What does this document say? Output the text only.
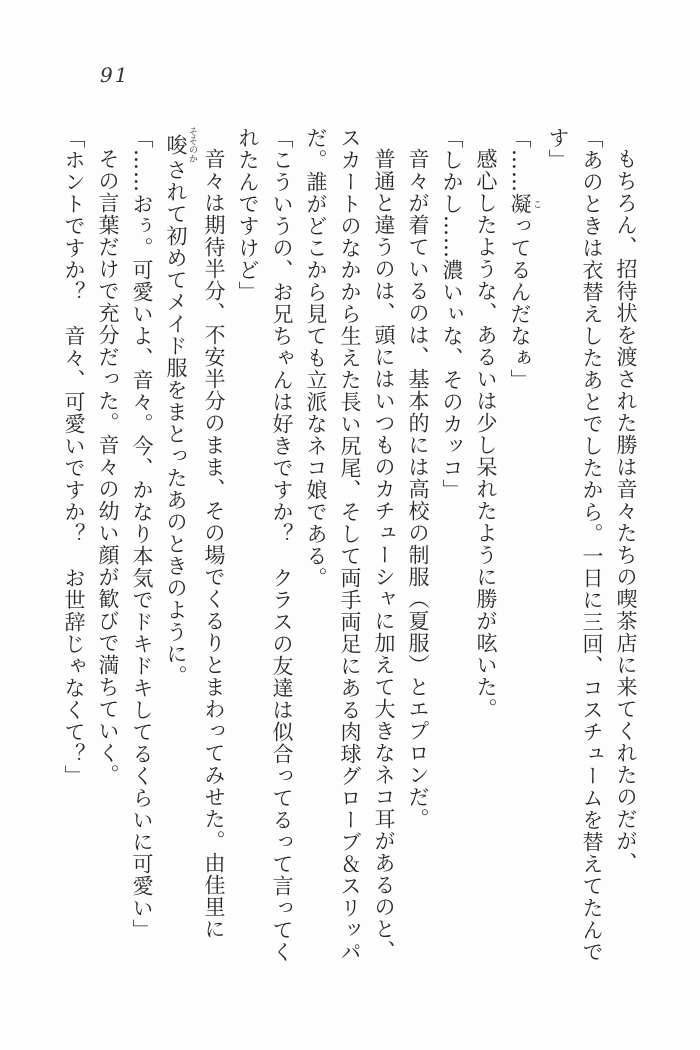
91

もちろん、招待状を渡された勝は音々たちの喫茶店に来てくれたのだが、

「あのときは衣替えしたあとでしたから。一日に三回、コスチュームを替えてたんで

す」

「……凝 こってるんだなぁ」

感心したような、あるいは少し呆れたように勝が呟いた。

「しかし……濃いぃな、そのカッコ」

音々が着ているのは、基本的には高校の制服（夏服）とエプロンだ。

普通と違うのは、頭にはいつものカチューシャに加えて大きなネコ耳があるのと、

スカートのなかから生えた長い尻尾、そして両手両足にある肉球グローブ＆スリッパ

だ。誰がどこから見ても立派なネコ娘である。

「こういうの、お兄ちゃんは好きですか？　クラスの友達は似合ってるって言ってく

れたんですけど」

音々は期待半分、不安半分のまま、その場でくるりとまわってみせた。由佳里に

唆 そそのかされて初めてメイド服をまとったあのときのように。

「……おぅ。可愛いよ、音々。今、かなり本気でドキドキしてるくらいに可愛い」

その言葉だけで充分だった。音々の幼い顔が歓びで満ちていく。

「ホントですか？　音々、可愛いですか？　お世辞じゃなくて？」
